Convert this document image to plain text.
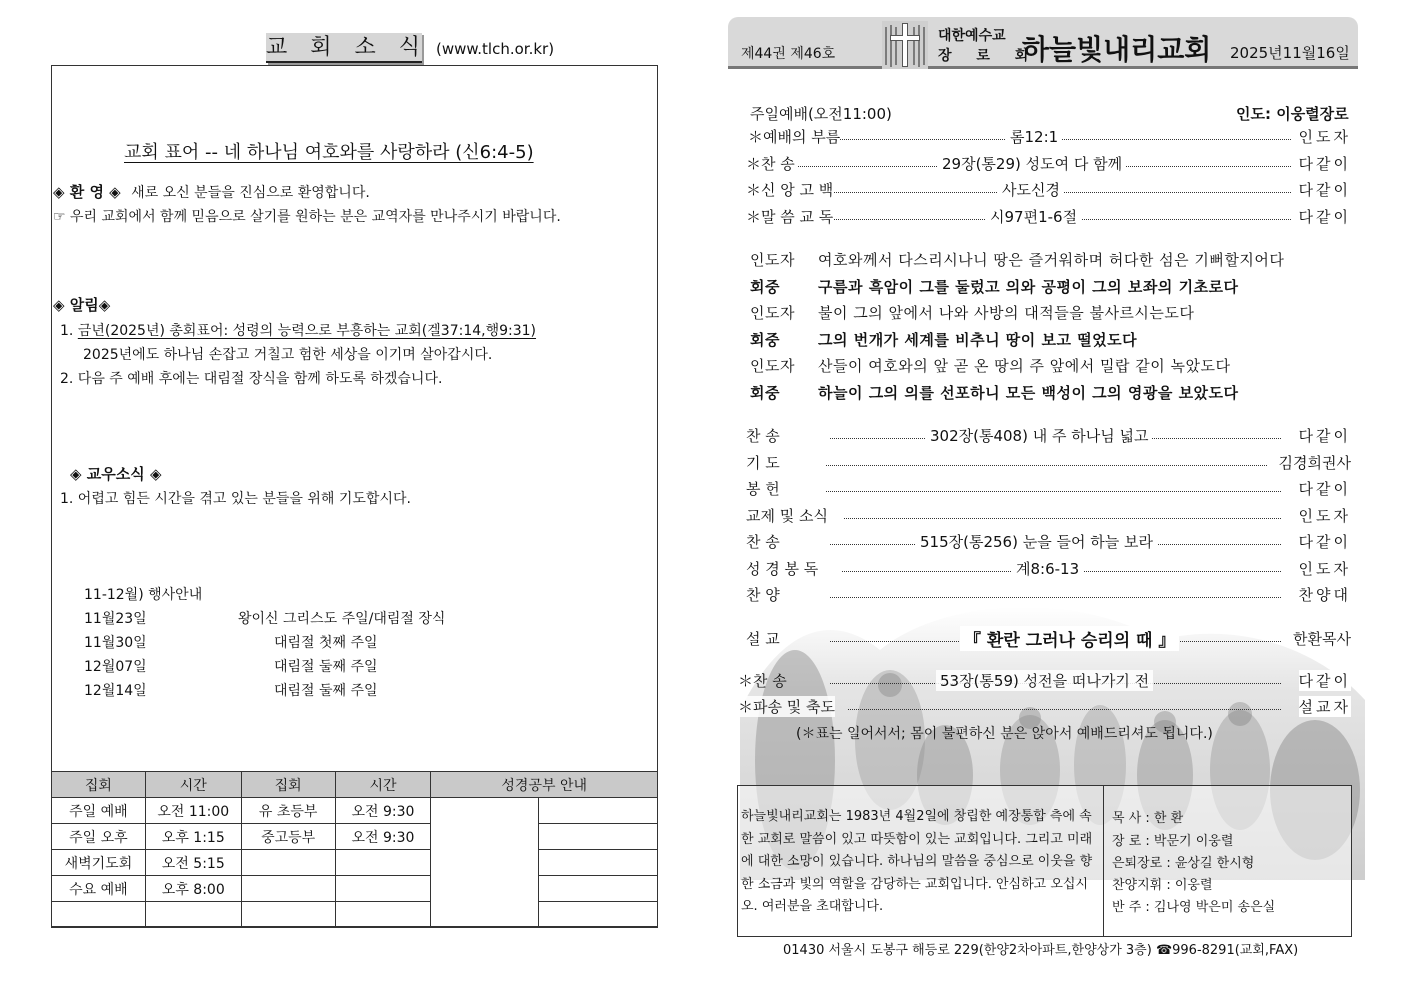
교 회 소 식 (www.tlch.or.kr)
교회 표어 -- 네 하나님 여호와를 사랑하라 (신6:4-5)
◈ 환 영 ◈ 새로 오신 분들을 진심으로 환영합니다.
☞ 우리 교회에서 함께 믿음으로 살기를 원하는 분은 교역자를 만나주시기 바랍니다.
◈ 알림◈
1. 금년(2025년) 총회표어: 성령의 능력으로 부흥하는 교회(겔37:14,행9:31)
2025년에도 하나님 손잡고 거칠고 험한 세상을 이기며 살아갑시다.
2. 다음 주 예배 후에는 대림절 장식을 함께 하도록 하겠습니다.
◈ 교우소식 ◈
1. 어렵고 힘든 시간을 겪고 있는 분들을 위해 기도합시다.
11-12월) 행사안내
11월23일	왕이신 그리스도 주일/대림절 장식
11월30일	대림절 첫째 주일
12월07일	대림절 둘째 주일
12월14일	대림절 둘째 주일
집회	시간	집회	시간	성경공부 안내	
주일 예배	오전 11:00	유 초등부	오전 9:30		
주일 오후	오후 1:15	중고등부	오전 9:30		
새벽기도회	오전 5:15				
수요 예배	오후 8:00				

제44권 제46호
대한예수교
장 로 회
하늘빛내리교회 2025년11월16일
주일예배(오전11:00)	인도: 이웅렬장로
＊예배의 부름	롬12:1	인도자
＊찬 송	29장(통29) 성도여 다 함께	다같이
＊신 앙 고 백	사도신경	다같이
＊말 씀 교 독	시97편1-6절	다같이
인도자 여호와께서 다스리시나니 땅은 즐거워하며 허다한 섬은 기뻐할지어다
회중	구름과 흑암이 그를 둘렀고 의와 공평이 그의 보좌의 기초로다
인도자 불이 그의 앞에서 나와 사방의 대적들을 불사르시는도다
회중	그의 번개가 세계를 비추니 땅이 보고 떨었도다
인도자 산들이 여호와의 앞 곧 온 땅의 주 앞에서 밀랍 같이 녹았도다
회중	하늘이 그의 의를 선포하니 모든 백성이 그의 영광을 보았도다
찬 송	302장(통408) 내 주 하나님 넓고	다같이
기 도	김경희권사
봉 헌	다같이
교제 및 소식	인도자
찬 송	515장(통256) 눈을 들어 하늘 보라	다같이
성 경 봉 독	계8:6-13	인도자
찬 양	찬양대
설 교	『 환란 그러나 승리의 때 』	한환목사
＊찬 송	53장(통59) 성전을 떠나가기 전	다같이
＊파송 및 축도	설교자
(＊표는 일어서서; 몸이 불편하신 분은 앉아서 예배드리셔도 됩니다.)
하늘빛내리교회는 1983년 4월2일에 창립한 예장통합 측에 속한 교회로 말씀이 있고 따뜻함이 있는 교회입니다. 그리고 미래에 대한 소망이 있습니다. 하나님의 말씀을 중심으로 이웃을 향한 소금과 빛의 역할을 감당하는 교회입니다. 안심하고 오십시오. 여러분을 초대합니다.
목 사 : 한 환
장 로 : 박문기 이웅렬
은퇴장로 : 윤상길 한시형
찬양지휘 : 이웅렬
반 주 : 김나영 박은미 송은실
01430 서울시 도봉구 해등로 229(한양2차아파트,한양상가 3층) ☎996-8291(교회,FAX)
